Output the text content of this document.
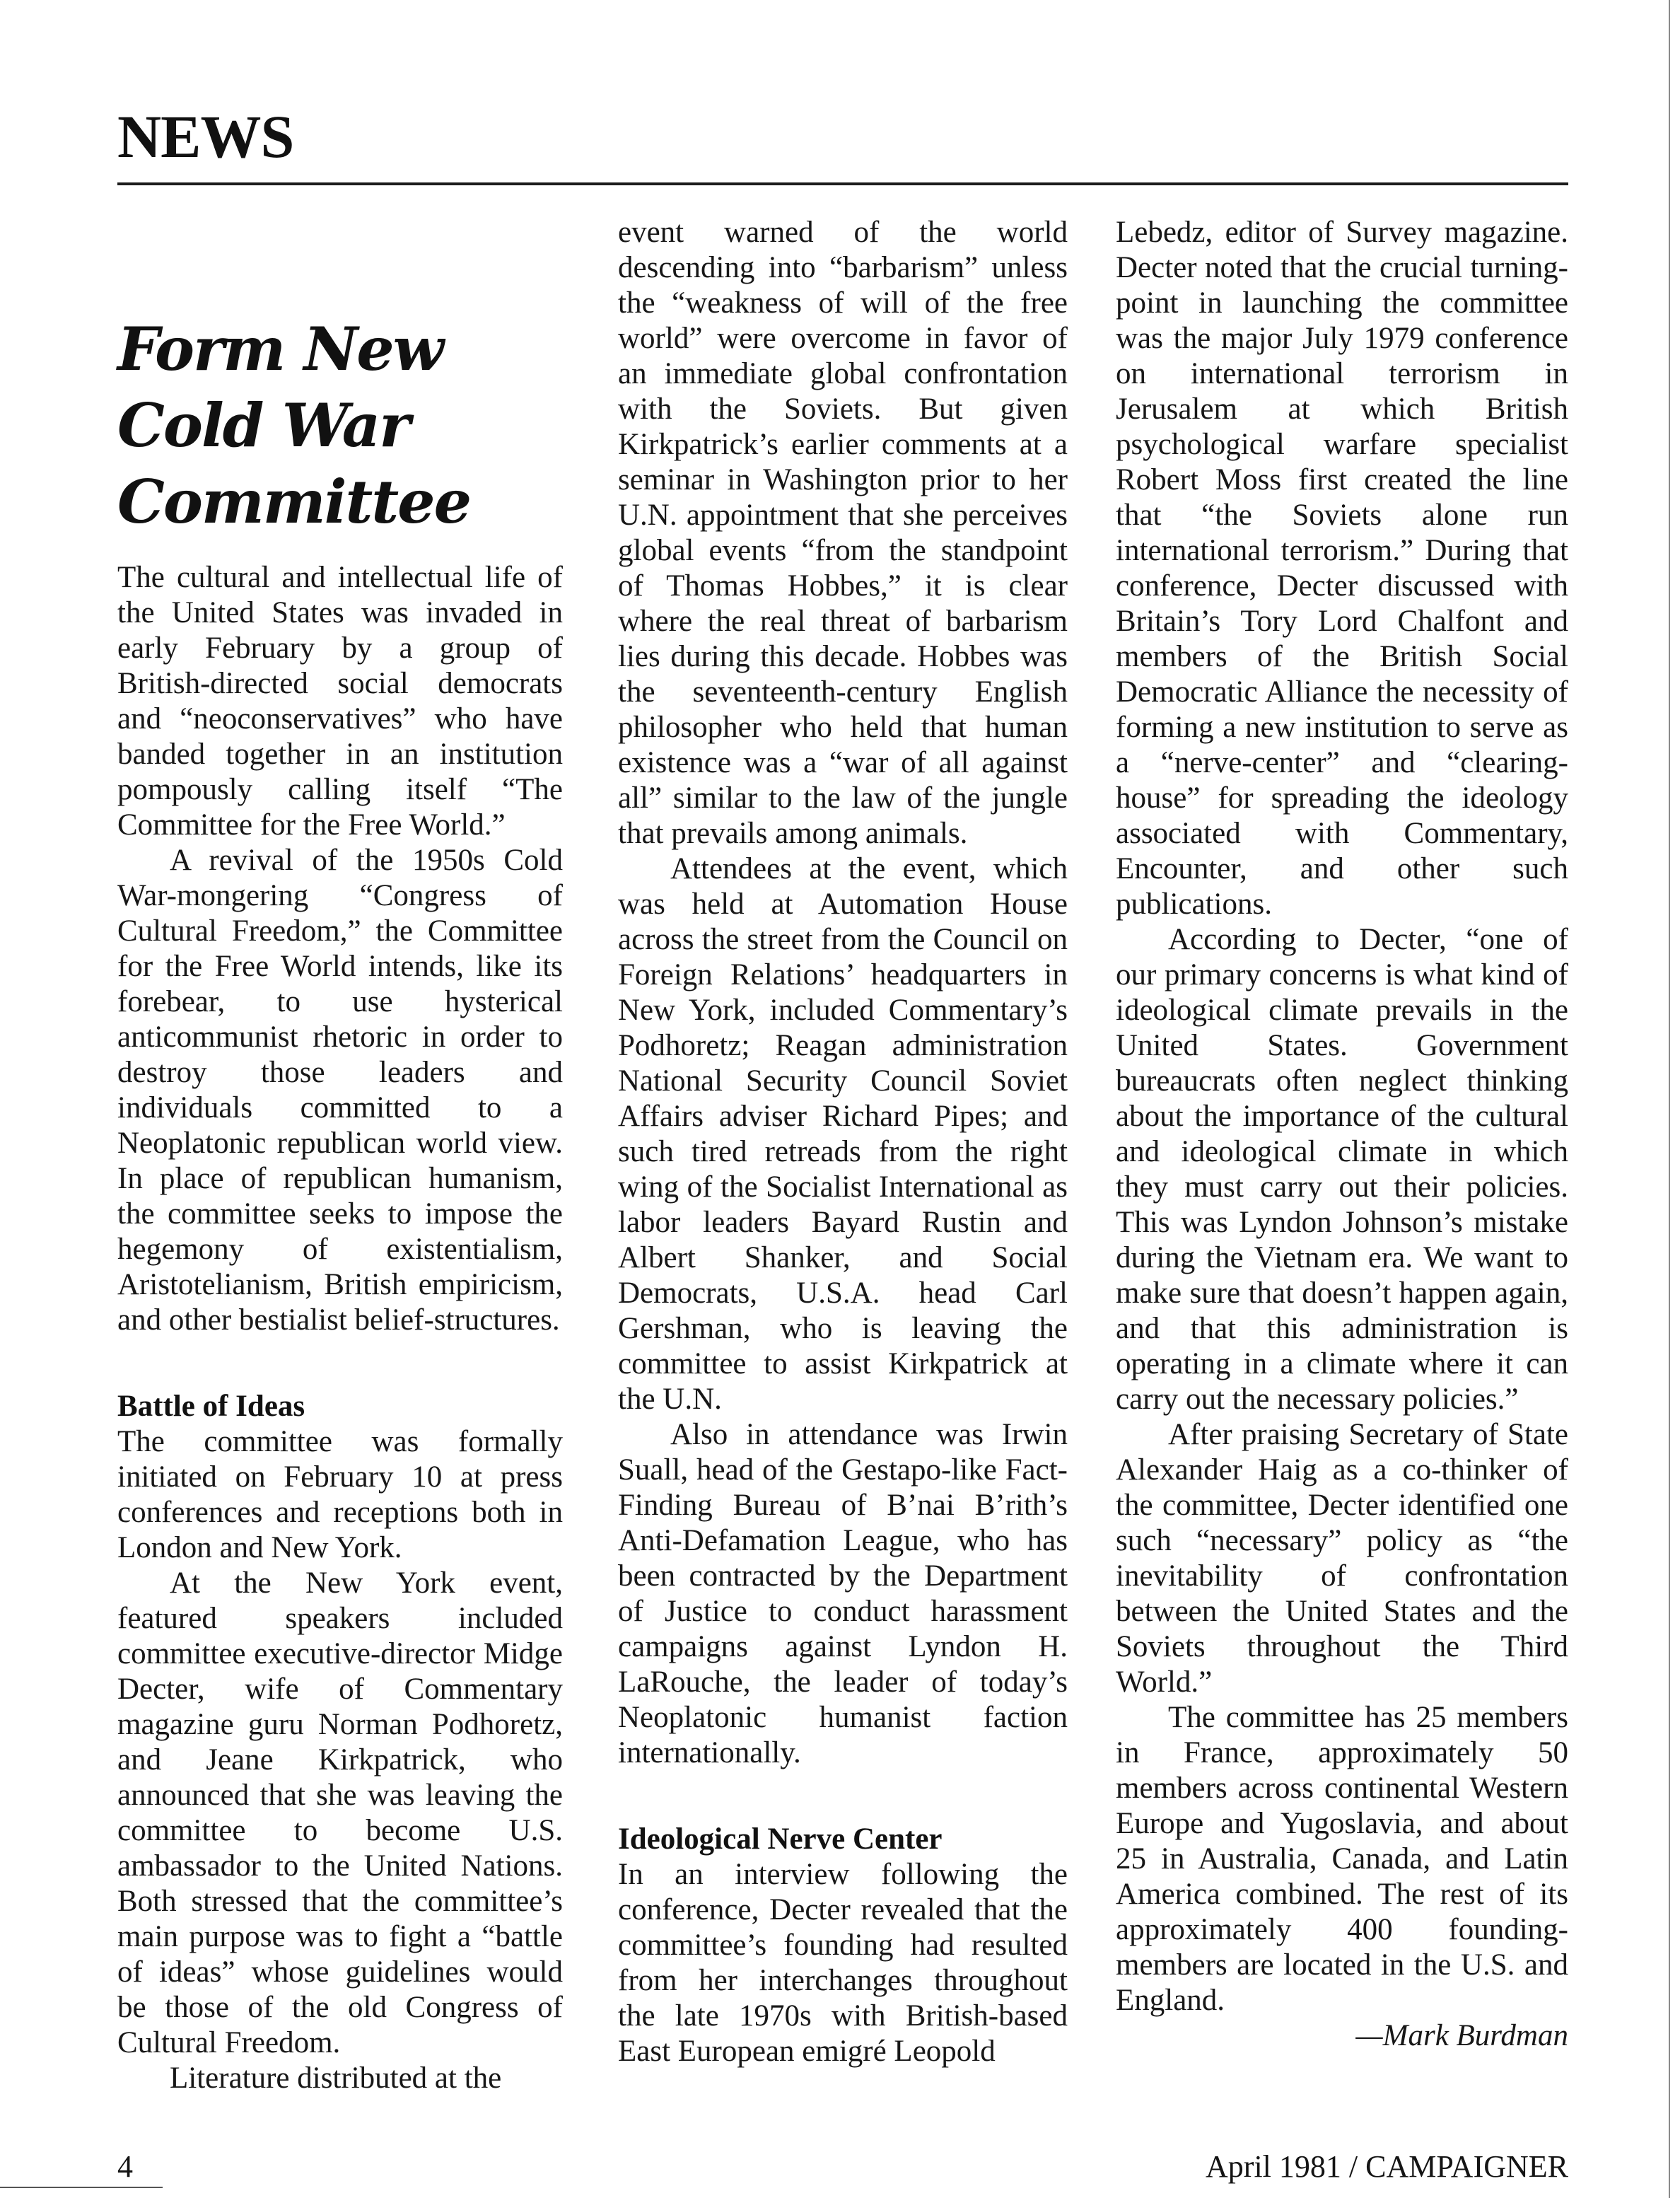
NEWS
Form New
Cold War
Committee

The cultural and intellectual life of the United States was invaded in early February by a group of British-directed social democrats and “neoconservatives” who have banded together in an institution pompously calling itself “The Committee for the Free World.”

A revival of the 1950s Cold War-mongering “Congress of Cultural Freedom,” the Committee for the Free World intends, like its forebear, to use hysterical anticommunist rhetoric in order to destroy those leaders and individuals committed to a Neoplatonic republican world view. In place of republican humanism, the committee seeks to impose the hegemony of existentialism, Aristotelianism, British empiricism, and other bestialist belief-structures.

Battle of Ideas

The committee was formally initiated on February 10 at press conferences and receptions both in London and New York.

At the New York event, featured speakers included committee executive-director Midge Decter, wife of Commentary magazine guru Norman Podhoretz, and Jeane Kirkpatrick, who announced that she was leaving the committee to become U.S. ambassador to the United Nations. Both stressed that the committee’s main purpose was to fight a “battle of ideas” whose guidelines would be those of the old Congress of Cultural Freedom.

Literature distributed at the

event warned of the world descending into “barbarism” unless the “weakness of will of the free world” were overcome in favor of an immediate global confrontation with the Soviets. But given Kirkpatrick’s earlier comments at a seminar in Washington prior to her U.N. appointment that she perceives global events “from the standpoint of Thomas Hobbes,” it is clear where the real threat of barbarism lies during this decade. Hobbes was the seventeenth-century English philosopher who held that human existence was a “war of all against all” similar to the law of the jungle that prevails among animals.

Attendees at the event, which was held at Automation House across the street from the Council on Foreign Relations’ headquarters in New York, included Commentary’s Podhoretz; Reagan administration National Security Council Soviet Affairs adviser Richard Pipes; and such tired retreads from the right wing of the Socialist International as labor leaders Bayard Rustin and Albert Shanker, and Social Democrats, U.S.A. head Carl Gershman, who is leaving the committee to assist Kirkpatrick at the U.N.

Also in attendance was Irwin Suall, head of the Gestapo-like Fact-Finding Bureau of B’nai B’rith’s Anti-Defamation League, who has been contracted by the Department of Justice to conduct harassment campaigns against Lyndon H. LaRouche, the leader of today’s Neoplatonic humanist faction internationally.

Ideological Nerve Center

In an interview following the conference, Decter revealed that the committee’s founding had resulted from her interchanges throughout the late 1970s with British-based East European emigré Leopold

Lebedz, editor of Survey magazine. Decter noted that the crucial turning-point in launching the committee was the major July 1979 conference on international terrorism in Jerusalem at which British psychological warfare specialist Robert Moss first created the line that “the Soviets alone run international terrorism.” During that conference, Decter discussed with Britain’s Tory Lord Chalfont and members of the British Social Democratic Alliance the necessity of forming a new institution to serve as a “nerve-center” and “clearing-house” for spreading the ideology associated with Commentary, Encounter, and other such publications.

According to Decter, “one of our primary concerns is what kind of ideological climate prevails in the United States. Government bureaucrats often neglect thinking about the importance of the cultural and ideological climate in which they must carry out their policies. This was Lyndon Johnson’s mistake during the Vietnam era. We want to make sure that doesn’t happen again, and that this administration is operating in a climate where it can carry out the necessary policies.”

After praising Secretary of State Alexander Haig as a co-thinker of the committee, Decter identified one such “necessary” policy as “the inevitability of confrontation between the United States and the Soviets throughout the Third World.”

The committee has 25 members in France, approximately 50 members across continental Western Europe and Yugoslavia, and about 25 in Australia, Canada, and Latin America combined. The rest of its approximately 400 founding-members are located in the U.S. and England.

—Mark Burdman

4	April 1981 / CAMPAIGNER
